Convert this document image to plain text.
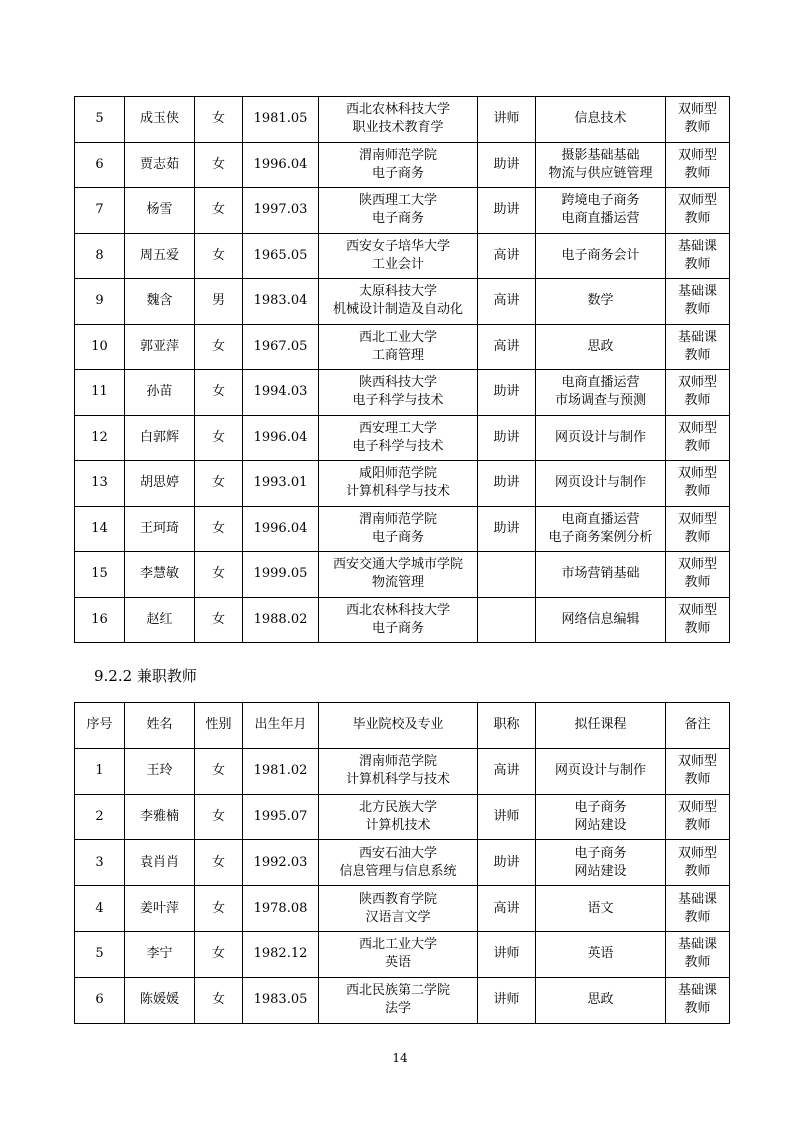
5	成玉侠	女	1981.05	西北农林科技大学
职业技术教育学	讲师	信息技术	双师型
教师

6	贾志茹	女	1996.04	渭南师范学院
电子商务	助讲	摄影基础基础
物流与供应链管理	双师型
教师

7	杨雪	女	1997.03	陕西理工大学
电子商务	助讲	跨境电子商务
电商直播运营	双师型
教师

8	周五爱	女	1965.05	西安女子培华大学
工业会计	高讲	电子商务会计	基础课
教师

9	魏含	男	1983.04	太原科技大学
机械设计制造及自动化	高讲	数学	基础课
教师

10	郭亚萍	女	1967.05	西北工业大学
工商管理	高讲	思政	基础课
教师

11	孙苗	女	1994.03	陕西科技大学
电子科学与技术	助讲	电商直播运营
市场调查与预测	双师型
教师

12	白郭辉	女	1996.04	西安理工大学
电子科学与技术	助讲	网页设计与制作	双师型
教师

13	胡思婷	女	1993.01	咸阳师范学院
计算机科学与技术	助讲	网页设计与制作	双师型
教师

14	王珂琦	女	1996.04	渭南师范学院
电子商务	助讲	电商直播运营
电子商务案例分析	双师型
教师

15	李慧敏	女	1999.05	西安交通大学城市学院
物流管理		市场营销基础	双师型
教师

16	赵红	女	1988.02	西北农林科技大学
电子商务		网络信息编辑	双师型
教师
9.2.2 兼职教师
序号	姓名	性别	出生年月	毕业院校及专业	职称	拟任课程	备注
1	王玲	女	1981.02	渭南师范学院
计算机科学与技术	高讲	网页设计与制作	双师型
教师

2	李雅楠	女	1995.07	北方民族大学
计算机技术	讲师	电子商务
网站建设	双师型
教师

3	袁肖肖	女	1992.03	西安石油大学
信息管理与信息系统	助讲	电子商务
网站建设	双师型
教师

4	姜叶萍	女	1978.08	陕西教育学院
汉语言文学	高讲	语文	基础课
教师

5	李宁	女	1982.12	西北工业大学
英语	讲师	英语	基础课
教师

6	陈媛媛	女	1983.05	西北民族第二学院
法学	讲师	思政	基础课
教师
14
